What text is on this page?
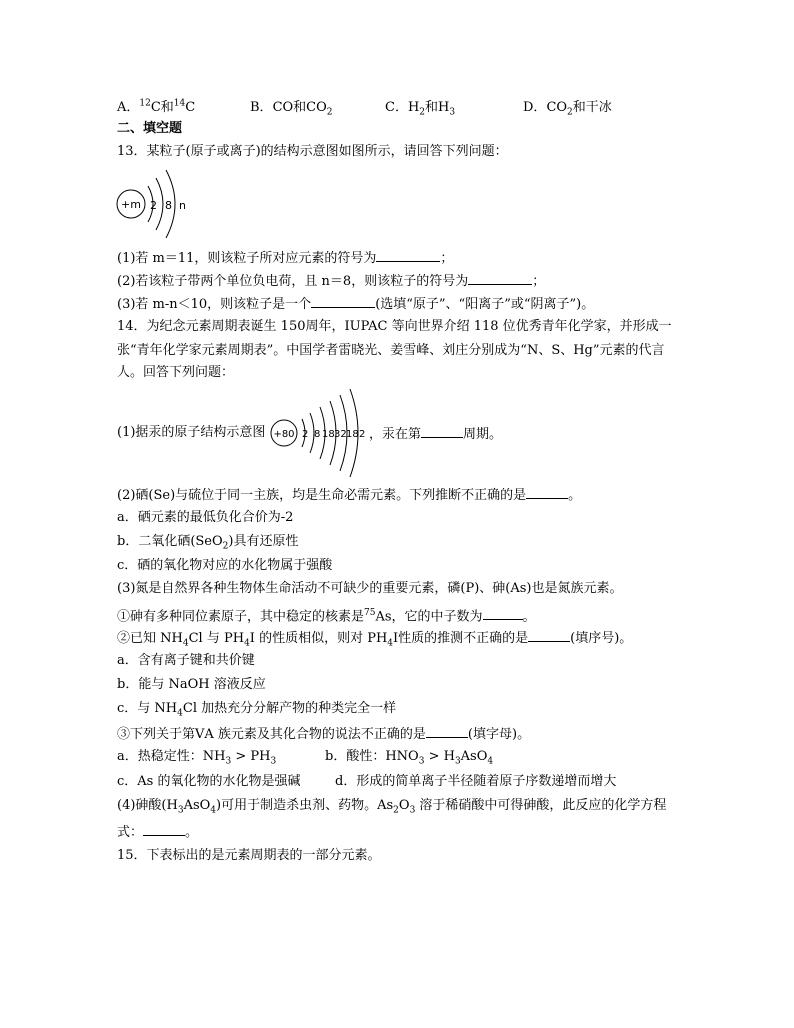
A．$^{12}$C和$^{14}$C	B．CO和$CO_2$	C．$H_2$和$H_3$	D．$CO_2$和干冰
二、填空题
13．某粒子(原子或离子)的结构示意图如图所示，请回答下列问题：
+m 2 8 n
(1)若 m＝11，则该粒子所对应元素的符号为	；
(2)若该粒子带两个单位负电荷，且 n＝8，则该粒子的符号为	；
(3)若 m-n＜10，则该粒子是一个	(选填“原子”、“阳离子”或“阴离子”)。
14．为纪念元素周期表诞生 150周年，IUPAC 等向世界介绍 118 位优秀青年化学家，并形成一
张“青年化学家元素周期表”。中国学者雷晓光、姜雪峰、刘庄分别成为“N、S、Hg”元素的代言
人。回答下列问题：
(1)据汞的原子结构示意图 +80 2 8 18 32 18 2 ，汞在第	周期。
(2)硒(Se)与硫位于同一主族，均是生命必需元素。下列推断不正确的是	。
a．硒元素的最低负化合价为-2
b．二氧化硒(SeO$_2$)具有还原性
c．硒的氧化物对应的水化物属于强酸
(3)氮是自然界各种生物体生命活动不可缺少的重要元素，磷(P)、砷(As)也是氮族元素。
①砷有多种同位素原子，其中稳定的核素是$^{75}$As，它的中子数为	。
②已知 $NH_4Cl$ 与 $PH_4I$ 的性质相似，则对 $PH_4I$性质的推测不正确的是	(填序号)。
a．含有离子键和共价键
b．能与 NaOH 溶液反应
c．与 $NH_4Cl$ 加热充分分解产物的种类完全一样
③下列关于第ⅤA 族元素及其化合物的说法不正确的是	(填字母)。
a．热稳定性：$NH_3 > PH_3$	b．酸性：$HNO_3 > H_3AsO_4$
c．As 的氧化物的水化物是强碱	d．形成的简单离子半径随着原子序数递增而增大
(4)砷酸$(H_3AsO_4)$可用于制造杀虫剂、药物。$As_2O_3$ 溶于稀硝酸中可得砷酸，此反应的化学方程
式：	。
15．下表标出的是元素周期表的一部分元素。
